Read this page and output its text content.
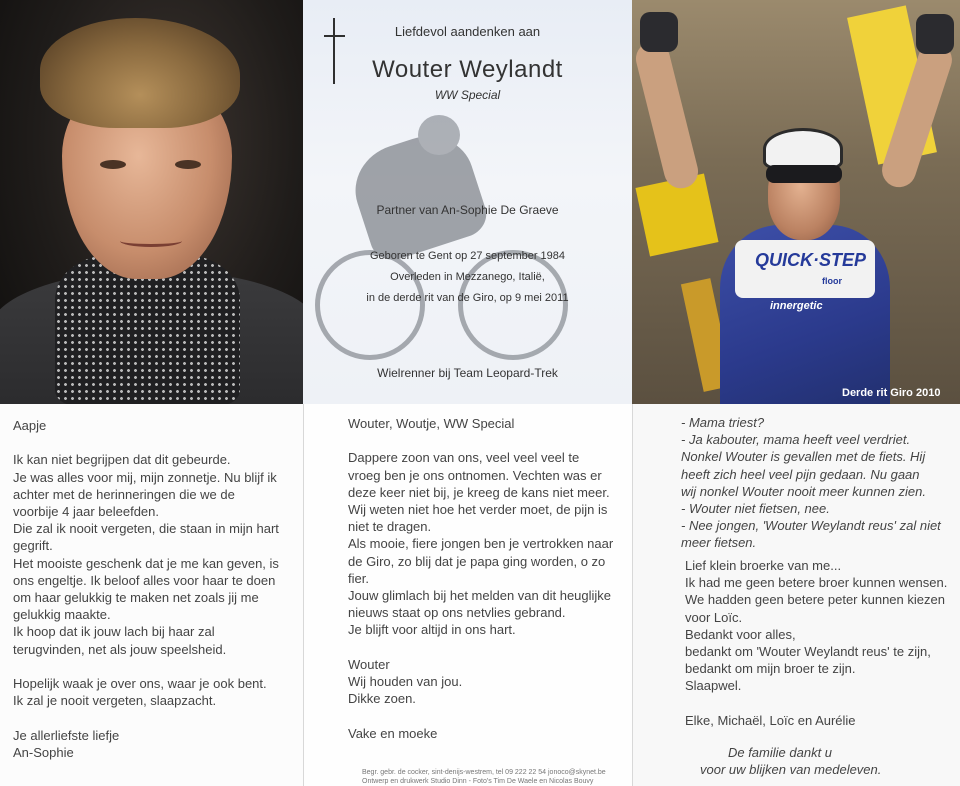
Liefdevol aandenken aan
Wouter Weylandt
WW Special
Partner van An-Sophie De Graeve
Geboren te Gent op 27 september 1984
Overleden in Mezzanego, Italië,
in de derde rit van de Giro, op 9 mei 2011
Wielrenner bij Team Leopard-Trek
QUICK·STEP
floor
innergetic
Derde rit Giro 2010
Aapje
Ik kan niet begrijpen dat dit gebeurde.
Je was alles voor mij, mijn zonnetje. Nu blijf ik
achter met de herinneringen die we de
voorbije 4 jaar beleefden.
Die zal ik nooit vergeten, die staan in mijn hart
gegrift.
Het mooiste geschenk dat je me kan geven, is
ons engeltje. Ik beloof alles voor haar te doen
om haar gelukkig te maken net zoals jij me
gelukkig maakte.
Ik hoop dat ik jouw lach bij haar zal
terugvinden, net als jouw speelsheid.
Hopelijk waak je over ons, waar je ook bent.
Ik zal je nooit vergeten, slaapzacht.
Je allerliefste liefje
An-Sophie
Wouter, Woutje, WW Special
Dappere zoon van ons, veel veel veel te
vroeg ben je ons ontnomen. Vechten was er
deze keer niet bij, je kreeg de kans niet meer.
Wij weten niet hoe het verder moet, de pijn is
niet te dragen.
Als mooie, fiere jongen ben je vertrokken naar
de Giro, zo blij dat je papa ging worden, o zo
fier.
Jouw glimlach bij het melden van dit heuglijke
nieuws staat op ons netvlies gebrand.
Je blijft voor altijd in ons hart.
Wouter
Wij houden van jou.
Dikke zoen.
Vake en moeke
- Mama triest?
- Ja kabouter, mama heeft veel verdriet.
Nonkel Wouter is gevallen met de fiets. Hij
heeft zich heel veel pijn gedaan. Nu gaan
wij nonkel Wouter nooit meer kunnen zien.
- Wouter niet fietsen, nee.
- Nee jongen, 'Wouter Weylandt reus' zal niet
meer fietsen.
Lief klein broerke van me...
Ik had me geen betere broer kunnen wensen.
We hadden geen betere peter kunnen kiezen
voor Loïc.
Bedankt voor alles,
bedankt om 'Wouter Weylandt reus' te zijn,
bedankt om mijn broer te zijn.
Slaapwel.
Elke, Michaël, Loïc en Aurélie
De familie dankt u
voor uw blijken van medeleven.
Begr. gebr. de cocker, sint-denijs-westrem, tel 09 222 22 54 jonoco@skynet.be
Ontwerp en drukwerk Studio Dinn - Foto's Tim De Waele en Nicolas Bouvy
